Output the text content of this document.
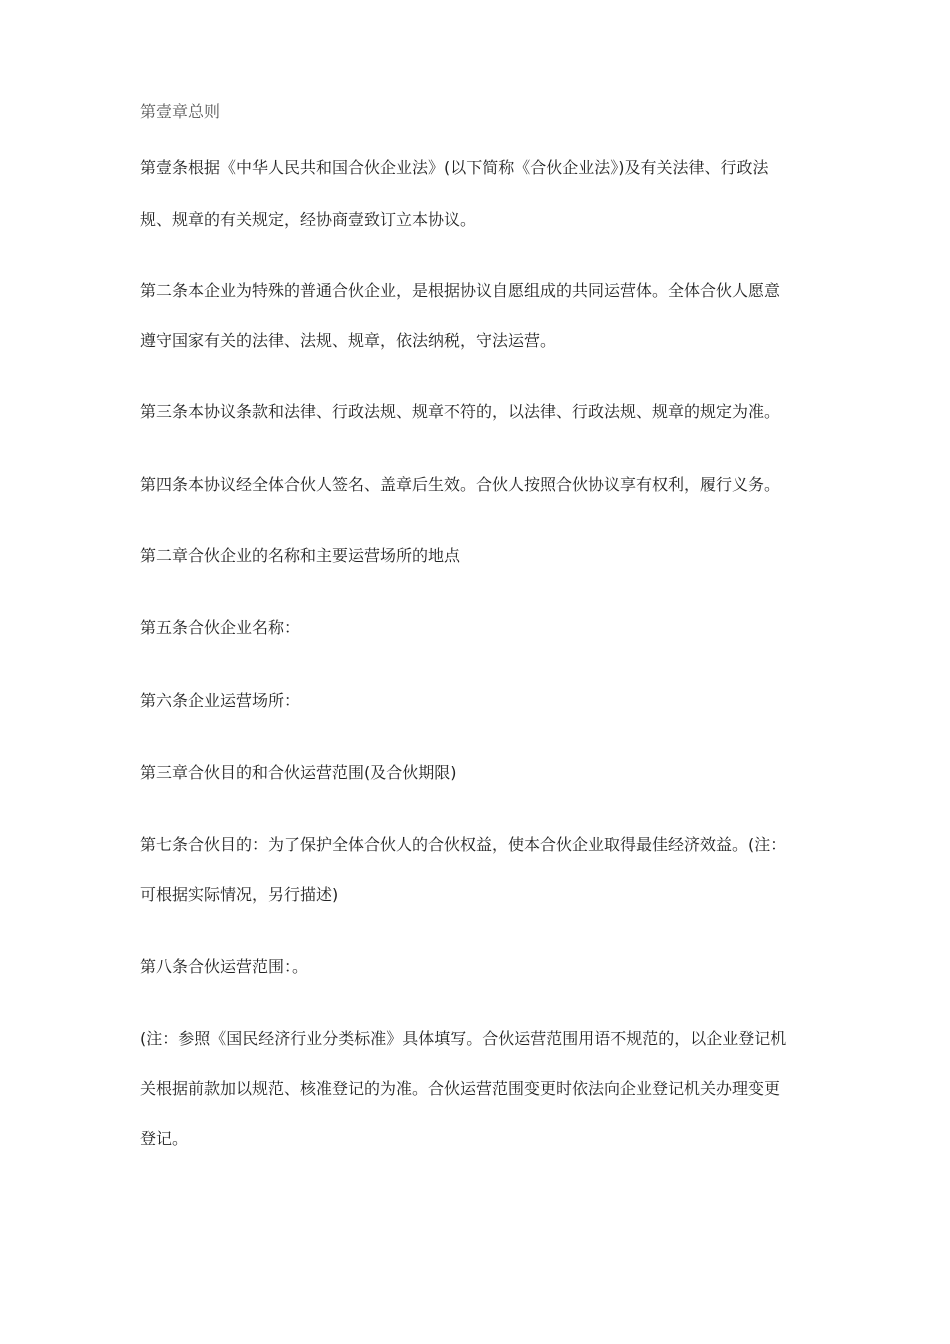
第壹章总则
第壹条根据《中华人民共和国合伙企业法》(以下简称《合伙企业法》)及有关法律、行政法
规、规章的有关规定，经协商壹致订立本协议。
第二条本企业为特殊的普通合伙企业，是根据协议自愿组成的共同运营体。全体合伙人愿意
遵守国家有关的法律、法规、规章，依法纳税，守法运营。
第三条本协议条款和法律、行政法规、规章不符的，以法律、行政法规、规章的规定为准。
第四条本协议经全体合伙人签名、盖章后生效。合伙人按照合伙协议享有权利，履行义务。
第二章合伙企业的名称和主要运营场所的地点
第五条合伙企业名称：
第六条企业运营场所：
第三章合伙目的和合伙运营范围(及合伙期限)
第七条合伙目的：为了保护全体合伙人的合伙权益，使本合伙企业取得最佳经济效益。(注：
可根据实际情况，另行描述)
第八条合伙运营范围：。
(注：参照《国民经济行业分类标准》具体填写。合伙运营范围用语不规范的，以企业登记机
关根据前款加以规范、核准登记的为准。合伙运营范围变更时依法向企业登记机关办理变更
登记。
